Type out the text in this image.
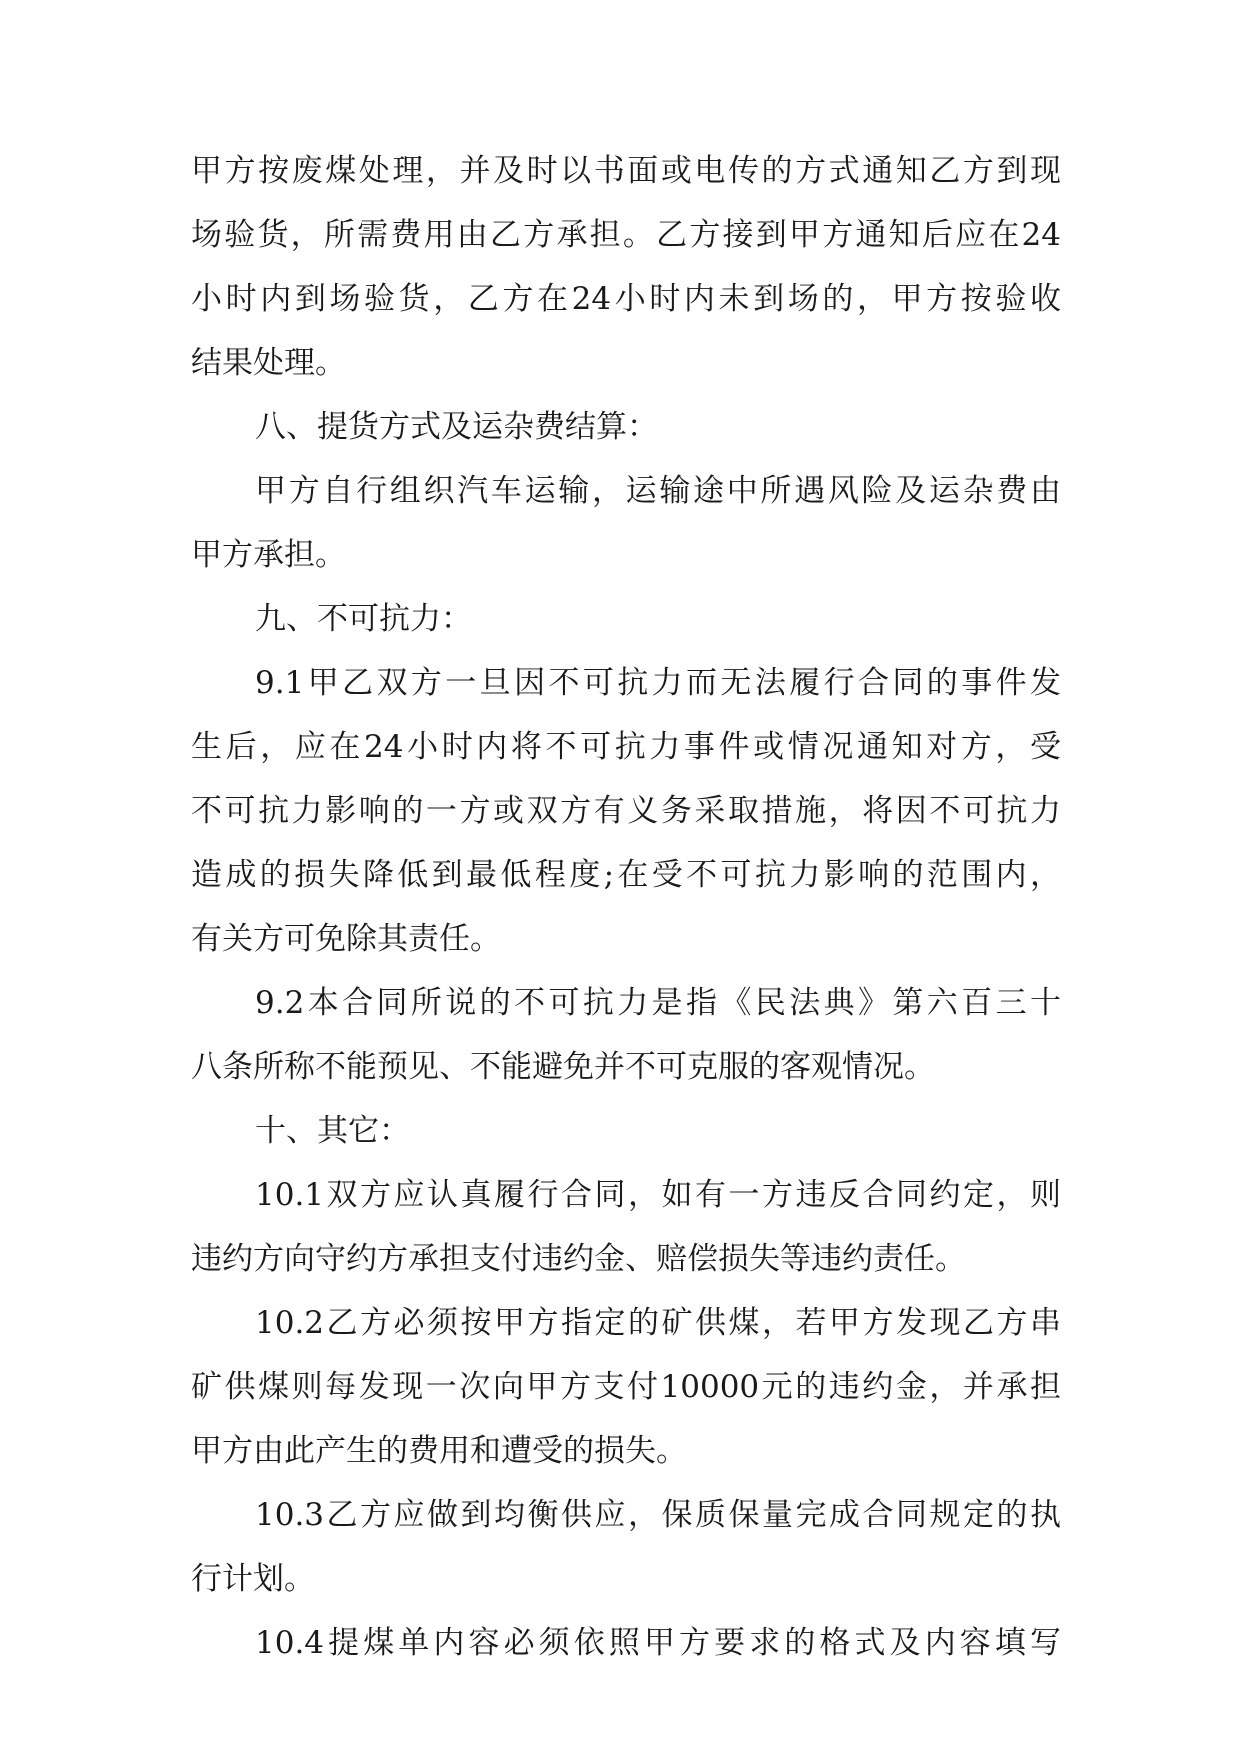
甲方按废煤处理，并及时以书面或电传的方式通知乙方到现
场验货，所需费用由乙方承担。乙方接到甲方通知后应在24
小时内到场验货，乙方在24小时内未到场的，甲方按验收
结果处理。
八、提货方式及运杂费结算：
甲方自行组织汽车运输，运输途中所遇风险及运杂费由
甲方承担。
九、不可抗力：
9.1甲乙双方一旦因不可抗力而无法履行合同的事件发
生后，应在24小时内将不可抗力事件或情况通知对方，受
不可抗力影响的一方或双方有义务采取措施，将因不可抗力
造成的损失降低到最低程度;在受不可抗力影响的范围内，
有关方可免除其责任。
9.2本合同所说的不可抗力是指《民法典》第六百三十
八条所称不能预见、不能避免并不可克服的客观情况。
十、其它：
10.1双方应认真履行合同，如有一方违反合同约定，则
违约方向守约方承担支付违约金、赔偿损失等违约责任。
10.2乙方必须按甲方指定的矿供煤，若甲方发现乙方串
矿供煤则每发现一次向甲方支付10000元的违约金，并承担
甲方由此产生的费用和遭受的损失。
10.3乙方应做到均衡供应，保质保量完成合同规定的执
行计划。
10.4提煤单内容必须依照甲方要求的格式及内容填写
